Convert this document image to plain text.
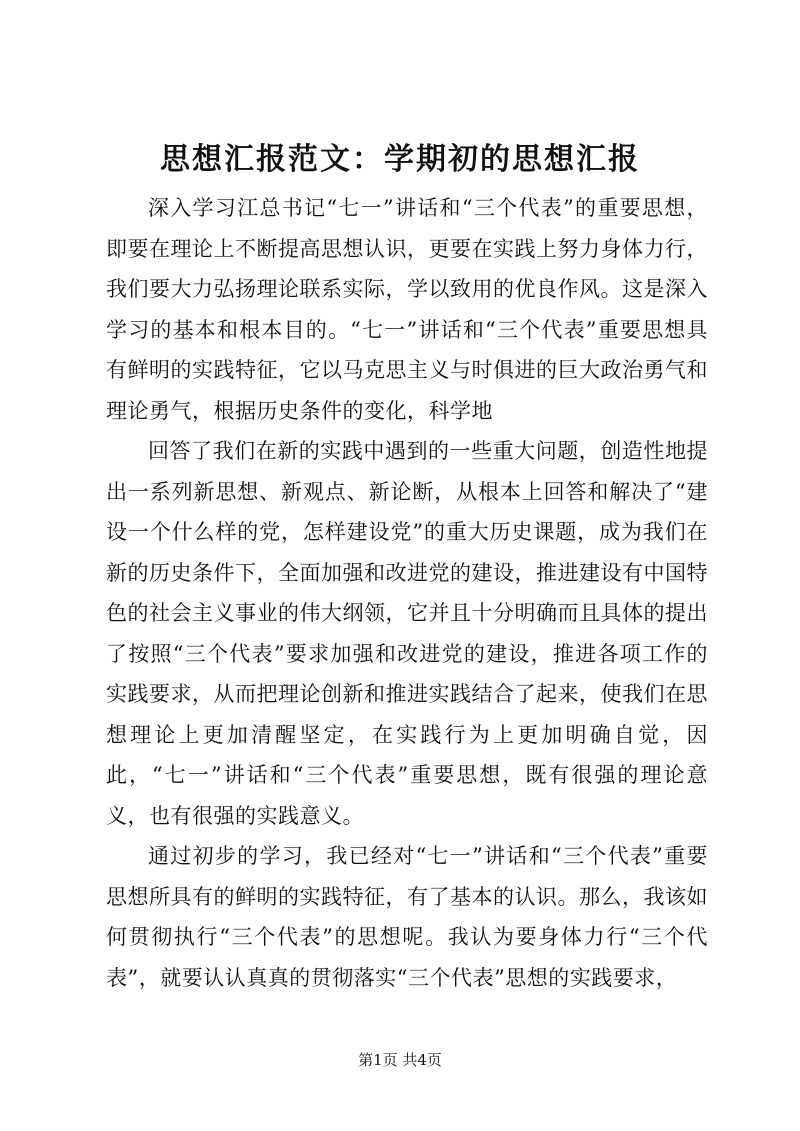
思想汇报范文：学期初的思想汇报

深入学习江总书记“七一”讲话和“三个代表”的重要思想，即要在理论上不断提高思想认识，更要在实践上努力身体力行，我们要大力弘扬理论联系实际，学以致用的优良作风。这是深入学习的基本和根本目的。“七一”讲话和“三个代表”重要思想具有鲜明的实践特征，它以马克思主义与时俱进的巨大政治勇气和理论勇气，根据历史条件的变化，科学地

回答了我们在新的实践中遇到的一些重大问题，创造性地提出一系列新思想、新观点、新论断，从根本上回答和解决了“建设一个什么样的党，怎样建设党”的重大历史课题，成为我们在新的历史条件下，全面加强和改进党的建设，推进建设有中国特色的社会主义事业的伟大纲领，它并且十分明确而且具体的提出了按照“三个代表”要求加强和改进党的建设，推进各项工作的实践要求，从而把理论创新和推进实践结合了起来，使我们在思想理论上更加清醒坚定，在实践行为上更加明确自觉，因此，“七一”讲话和“三个代表”重要思想，既有很强的理论意义，也有很强的实践意义。

通过初步的学习，我已经对“七一”讲话和“三个代表”重要思想所具有的鲜明的实践特征，有了基本的认识。那么，我该如何贯彻执行“三个代表”的思想呢。我认为要身体力行“三个代表”，就要认认真真的贯彻落实“三个代表”思想的实践要求，

第1页 共4页
